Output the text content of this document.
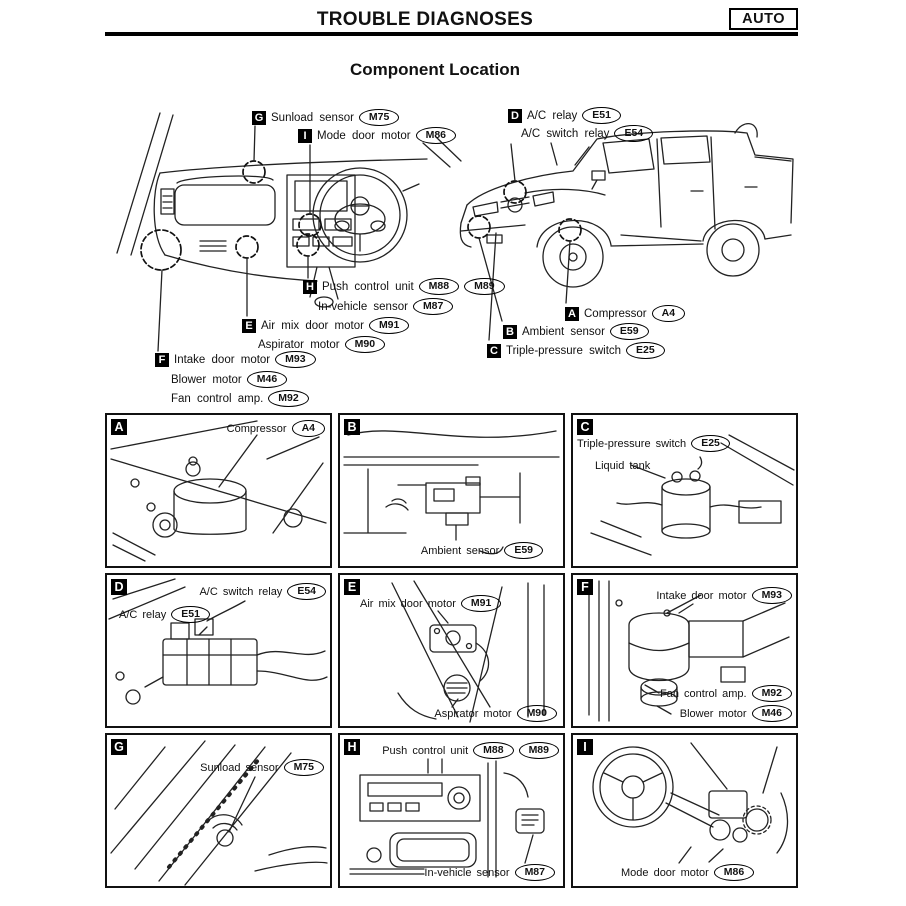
TROUBLE DIAGNOSES	AUTO
Component Location
G Sunload sensor	M75
I Mode door motor	M86
H Push control unit	M88	M89
In-vehicle sensor	M87
E Air mix door motor	M91
Aspirator motor	M90
F Intake door motor	M93
Blower motor	M46
Fan control amp.	M92
D A/C relay	E51
A/C switch relay	E54
A Compressor	A4
B Ambient sensor	E59
C Triple-pressure switch	E25
A	Compressor	A4	B
Ambient sensor	E59
C
Triple-pressure switch	E25
Liquid tank
D	A/C switch relay	E54
A/C relay	E51
E
Air mix door motor	M91
Aspirator motor	M90
F
Intake door motor	M93
Fan control amp.	M92
Blower motor	M46
G
Sunload sensor	M75
H	Push control unit	M88	M89
In-vehicle sensor	M87
I
Mode door motor	M86
